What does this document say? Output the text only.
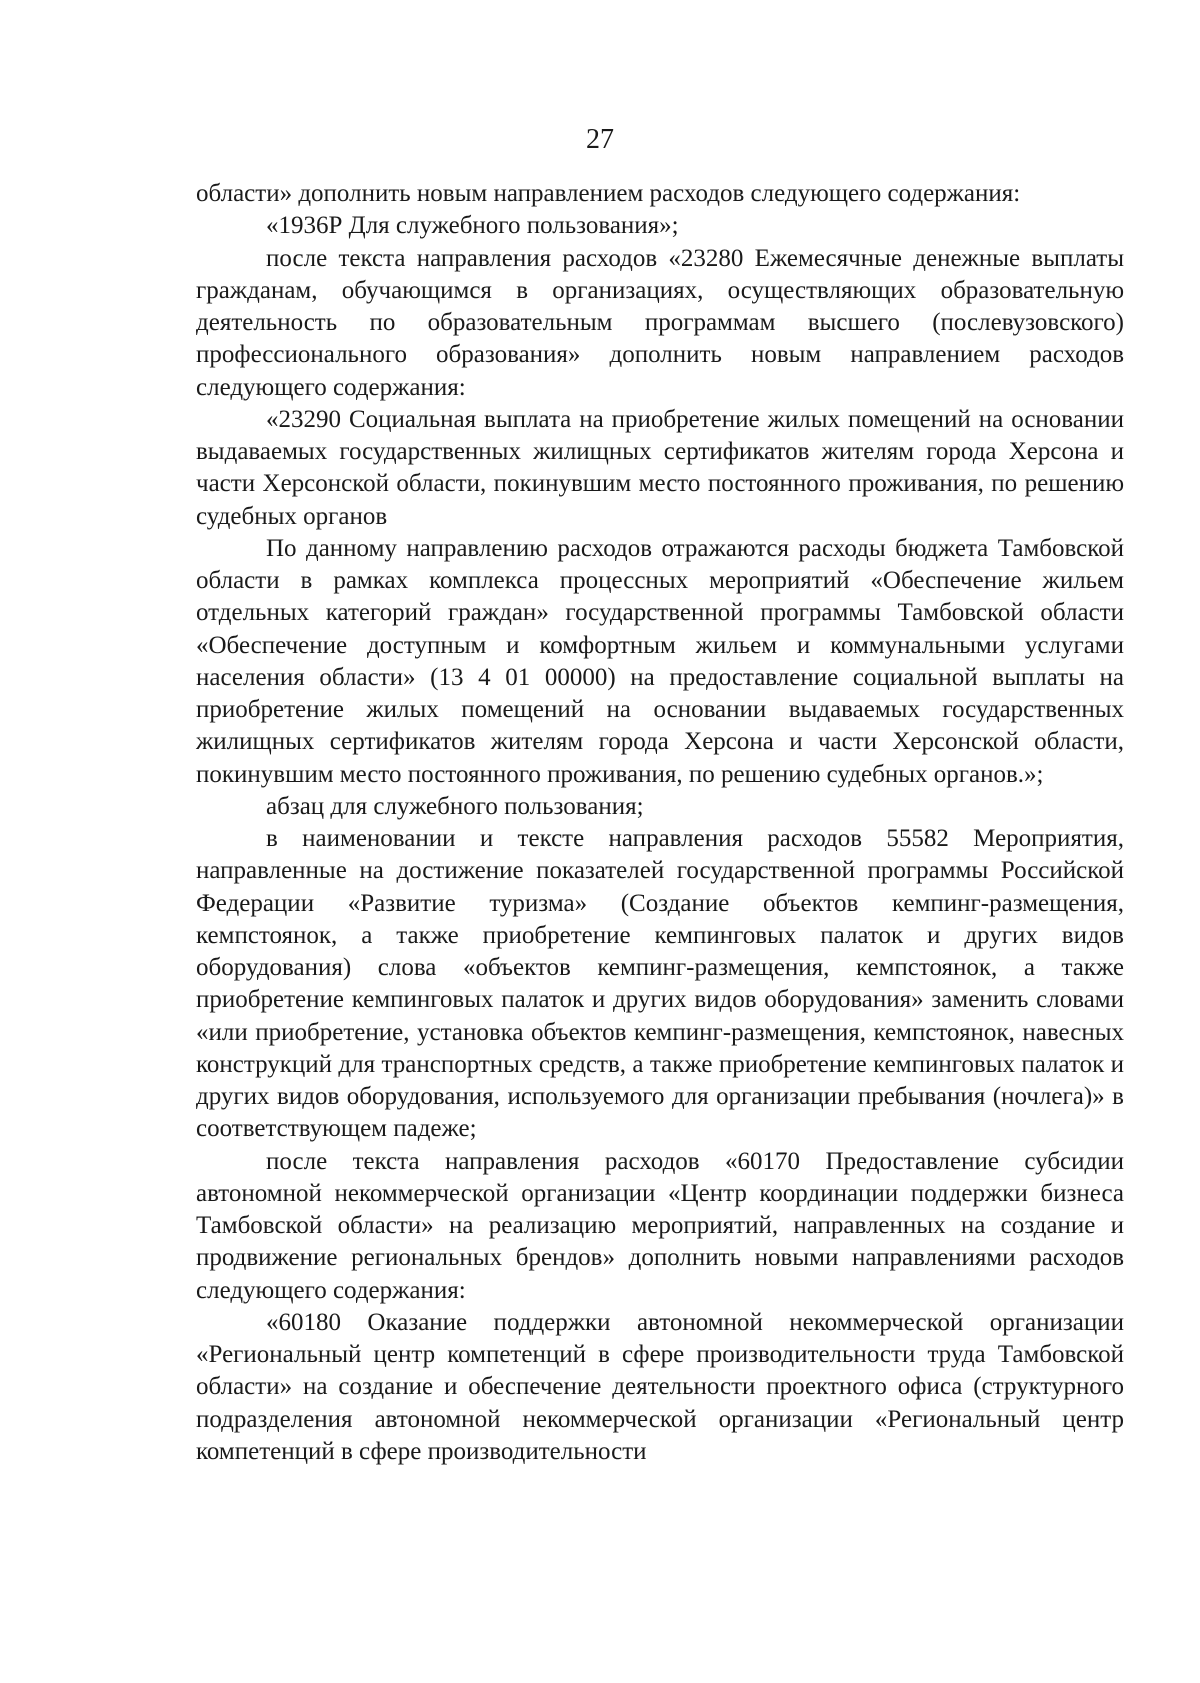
27

области» дополнить новым направлением расходов следующего содержания:

«1936Р Для служебного пользования»;

после текста направления расходов «23280 Ежемесячные денежные выплаты гражданам, обучающимся в организациях, осуществляющих образовательную деятельность по образовательным программам высшего (послевузовского) профессионального образования» дополнить новым направлением расходов следующего содержания:

«23290 Социальная выплата на приобретение жилых помещений на основании выдаваемых государственных жилищных сертификатов жителям города Херсона и части Херсонской области, покинувшим место постоянного проживания, по решению судебных органов

По данному направлению расходов отражаются расходы бюджета Тамбовской области в рамках комплекса процессных мероприятий «Обеспечение жильем отдельных категорий граждан» государственной программы Тамбовской области «Обеспечение доступным и комфортным жильем и коммунальными услугами населения области» (13 4 01 00000) на предоставление социальной выплаты на приобретение жилых помещений на основании выдаваемых государственных жилищных сертификатов жителям города Херсона и части Херсонской области, покинувшим место постоянного проживания, по решению судебных органов.»;

абзац для служебного пользования;

в наименовании и тексте направления расходов 55582 Мероприятия, направленные на достижение показателей государственной программы Российской Федерации «Развитие туризма» (Создание объектов кемпинг-размещения, кемпстоянок, а также приобретение кемпинговых палаток и других видов оборудования) слова «объектов кемпинг-размещения, кемпстоянок, а также приобретение кемпинговых палаток и других видов оборудования» заменить словами «или приобретение, установка объектов кемпинг-размещения, кемпстоянок, навесных конструкций для транспортных средств, а также приобретение кемпинговых палаток и других видов оборудования, используемого для организации пребывания (ночлега)» в соответствующем падеже;

после текста направления расходов «60170 Предоставление субсидии автономной некоммерческой организации «Центр координации поддержки бизнеса Тамбовской области» на реализацию мероприятий, направленных на создание и продвижение региональных брендов» дополнить новыми направлениями расходов следующего содержания:

«60180 Оказание поддержки автономной некоммерческой организации «Региональный центр компетенций в сфере производительности труда Тамбовской области» на создание и обеспечение деятельности проектного офиса (структурного подразделения автономной некоммерческой организации «Региональный центр компетенций в сфере производительности
